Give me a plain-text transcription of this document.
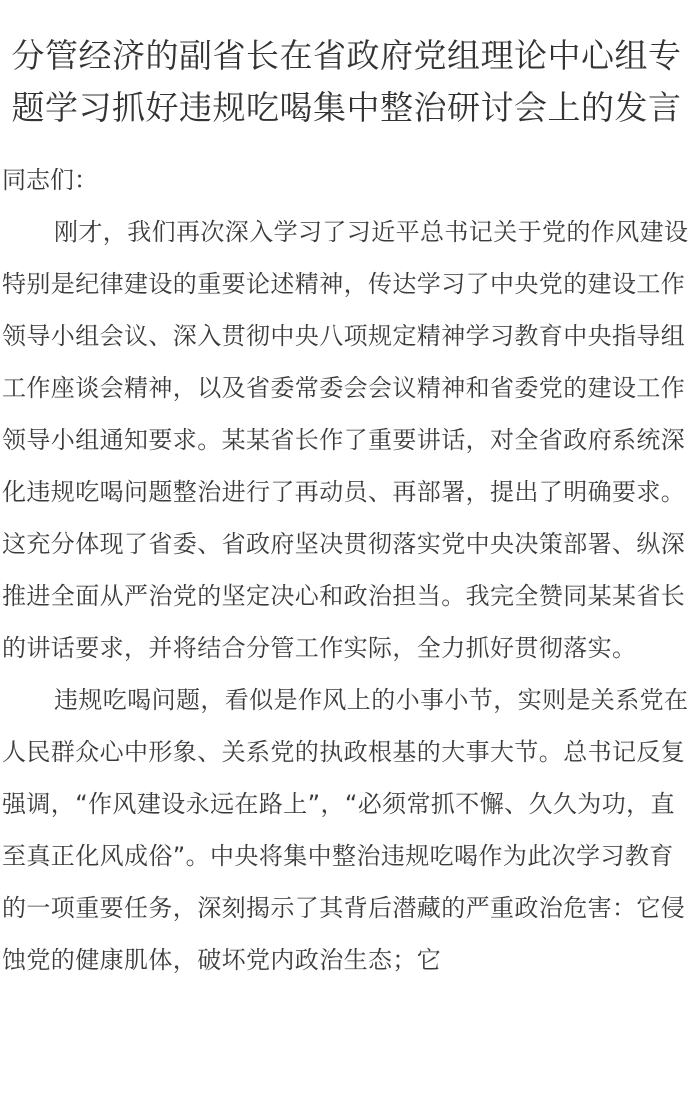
分管经济的副省长在省政府党组理论中心组专题学习抓好违规吃喝集中整治研讨会上的发言

同志们：

刚才，我们再次深入学习了习近平总书记关于党的作风建设特别是纪律建设的重要论述精神，传达学习了中央党的建设工作领导小组会议、深入贯彻中央八项规定精神学习教育中央指导组工作座谈会精神，以及省委常委会会议精神和省委党的建设工作领导小组通知要求。某某省长作了重要讲话，对全省政府系统深化违规吃喝问题整治进行了再动员、再部署，提出了明确要求。这充分体现了省委、省政府坚决贯彻落实党中央决策部署、纵深推进全面从严治党的坚定决心和政治担当。我完全赞同某某省长的讲话要求，并将结合分管工作实际，全力抓好贯彻落实。

违规吃喝问题，看似是作风上的小事小节，实则是关系党在人民群众心中形象、关系党的执政根基的大事大节。总书记反复强调，“作风建设永远在路上”，“必须常抓不懈、久久为功，直至真正化风成俗”。中央将集中整治违规吃喝作为此次学习教育的一项重要任务，深刻揭示了其背后潜藏的严重政治危害：它侵蚀党的健康肌体，破坏党内政治生态；它
